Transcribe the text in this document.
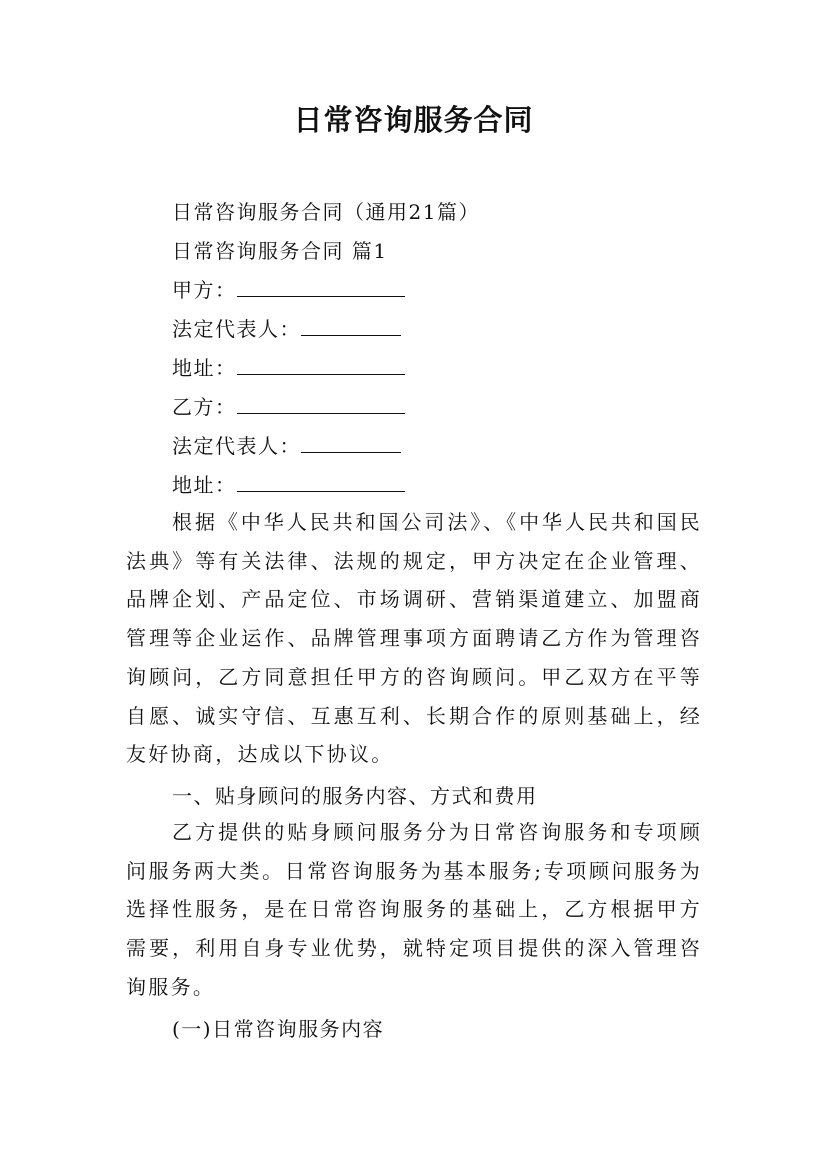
日常咨询服务合同
日常咨询服务合同（通用21篇）
日常咨询服务合同 篇1
甲方：
法定代表人：
地址：
乙方：
法定代表人：
地址：
根据《中华人民共和国公司法》、《中华人民共和国民法典》等有关法律、法规的规定，甲方决定在企业管理、品牌企划、产品定位、市场调研、营销渠道建立、加盟商管理等企业运作、品牌管理事项方面聘请乙方作为管理咨询顾问，乙方同意担任甲方的咨询顾问。甲乙双方在平等自愿、诚实守信、互惠互利、长期合作的原则基础上，经友好协商，达成以下协议。
一、贴身顾问的服务内容、方式和费用
乙方提供的贴身顾问服务分为日常咨询服务和专项顾问服务两大类。日常咨询服务为基本服务;专项顾问服务为选择性服务，是在日常咨询服务的基础上，乙方根据甲方需要，利用自身专业优势，就特定项目提供的深入管理咨询服务。
(一)日常咨询服务内容
